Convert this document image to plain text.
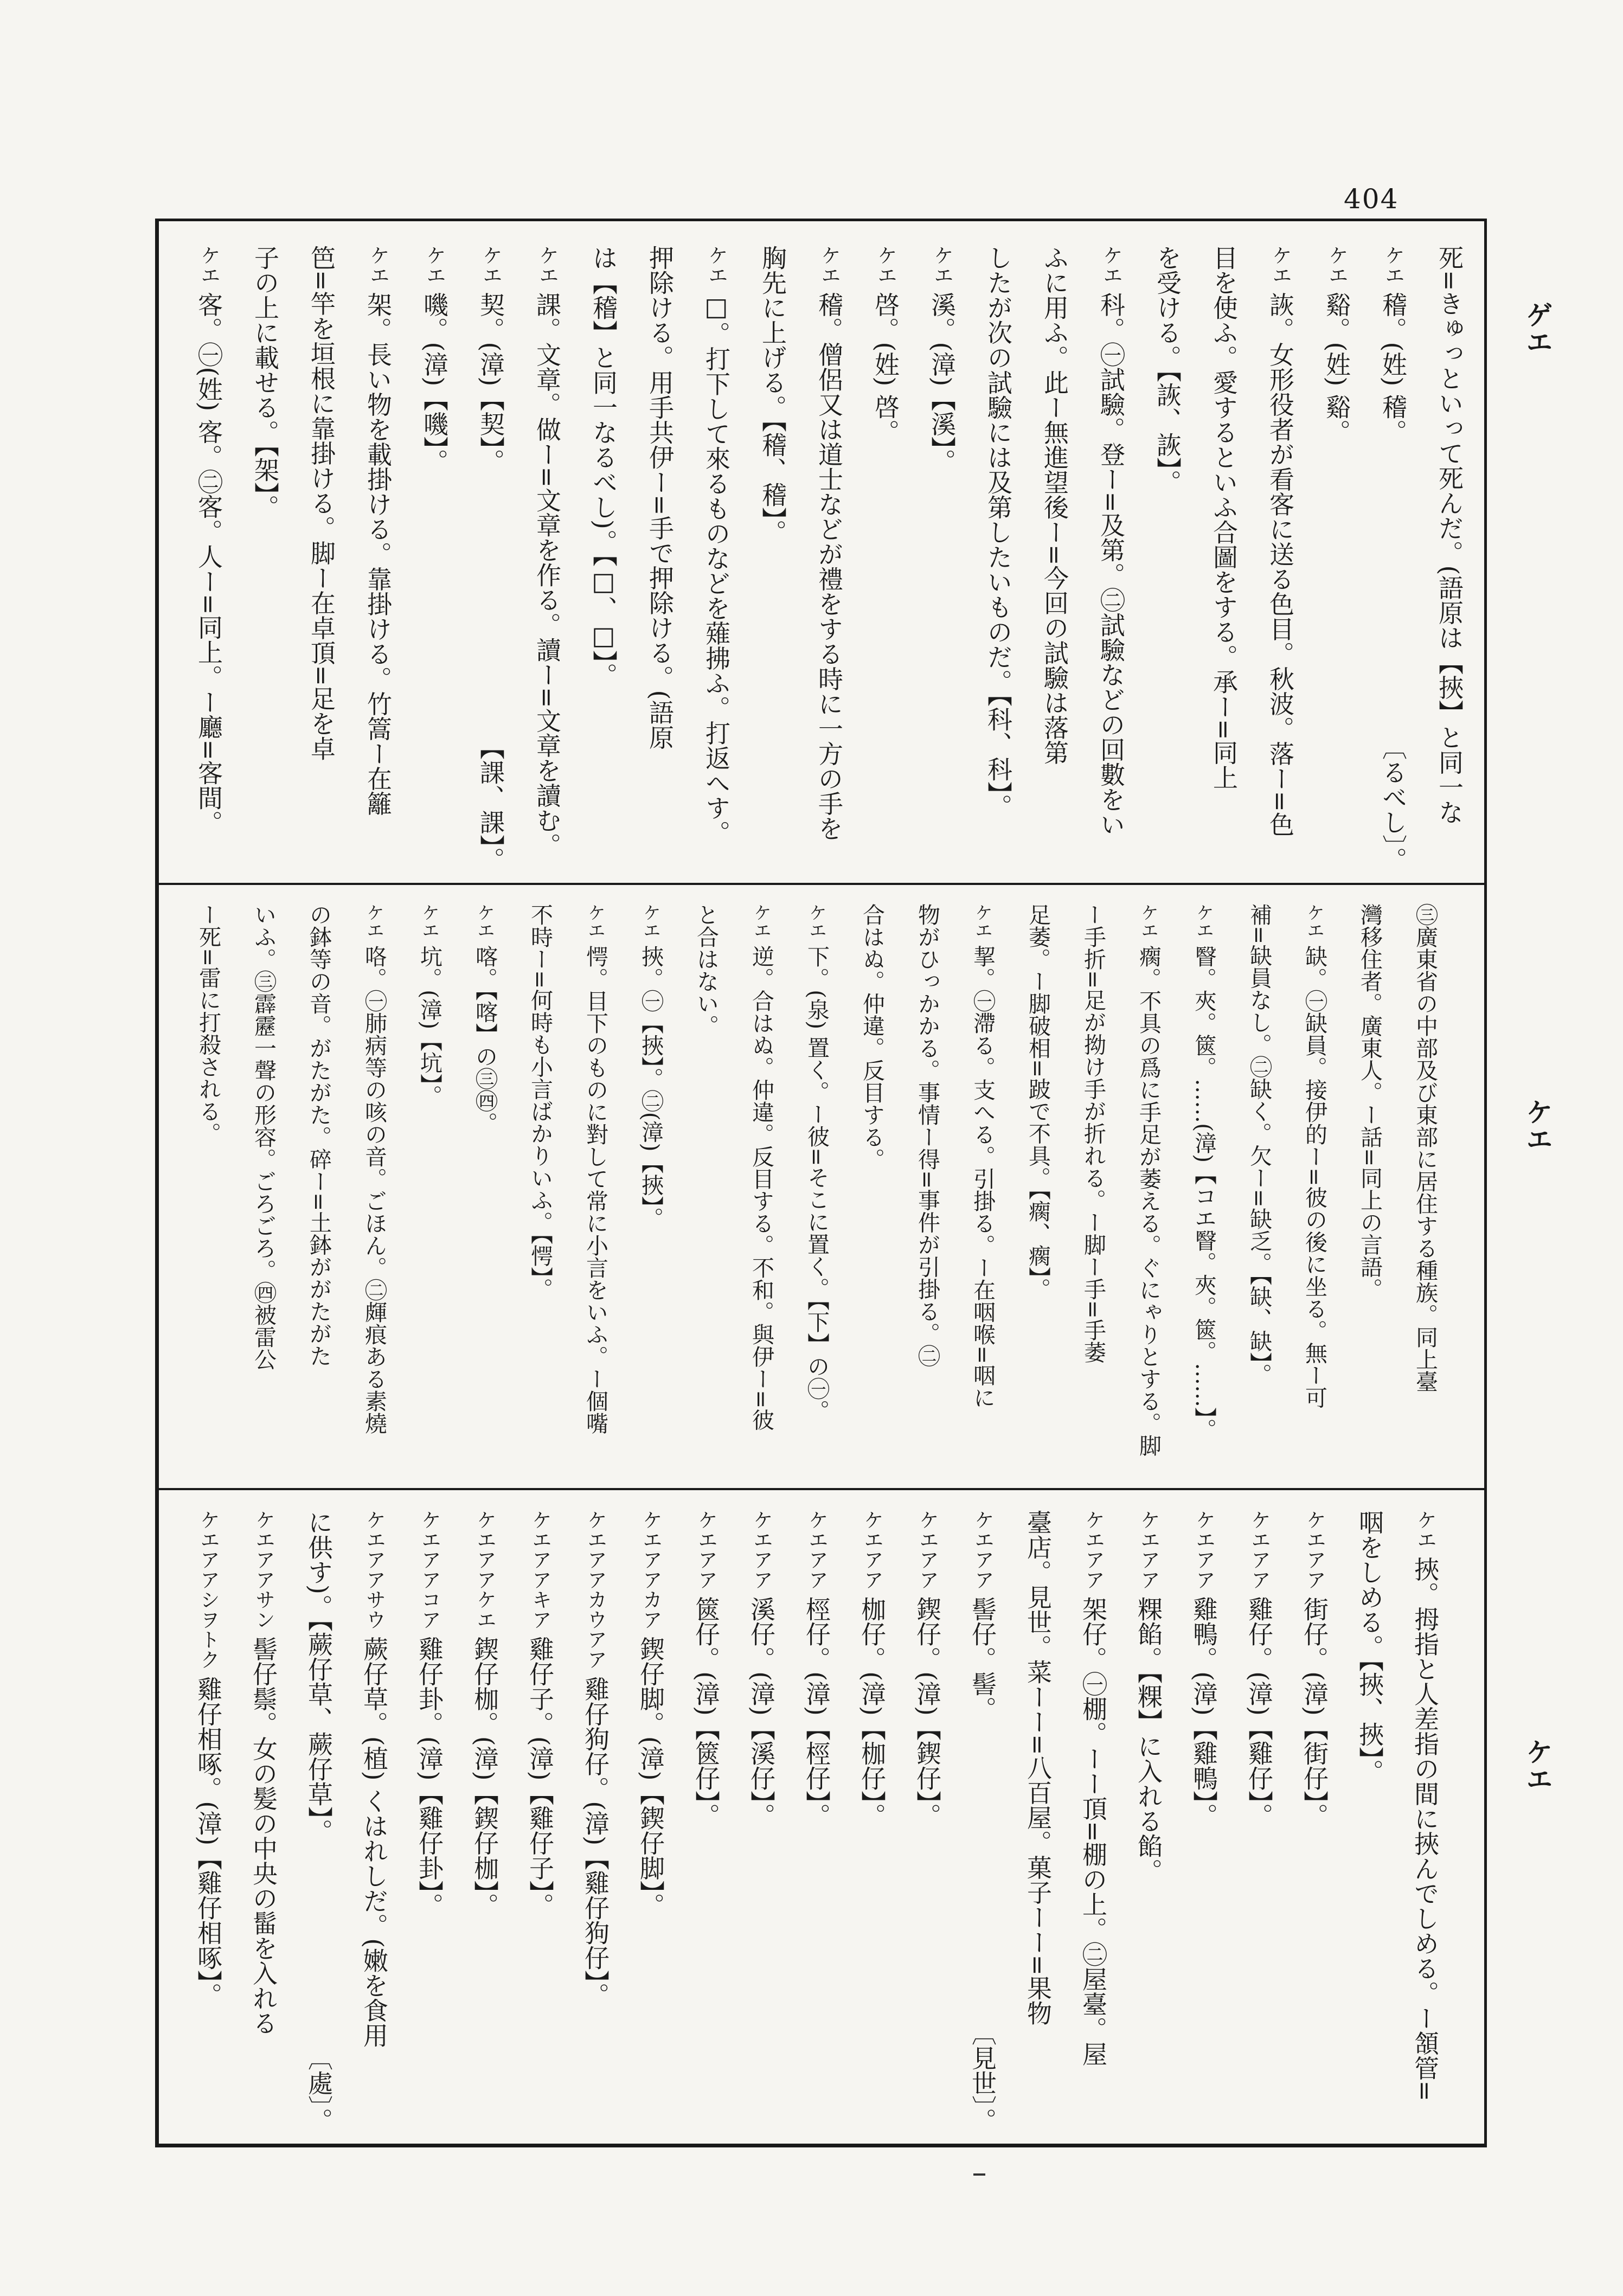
404
ゲエ
ケエ
ケエ
死=きゅっといって死んだ。(語原は【挾】と同一な
ケエ稽。(姓) 稽。
〔るべし〕。
ケエ谿。(姓) 谿。
ケエ詼。女形役者が看客に送る色目。秋波。落ー=色
目を使ふ。愛するといふ合圖をする。承ー=同上
を受ける。【詼、詼】。
ケエ科。㊀試驗。登ー=及第。㊁試驗などの回數をい
ふに用ふ。此ー無進望後ー=今回の試驗は落第
したが次の試驗には及第したいものだ。【科、科】。
ケエ溪。(漳)【溪】。
ケエ啓。(姓) 啓。
ケエ稽。僧侶又は道士などが禮をする時に一方の手を
胸先に上げる。【稽、稽】。
ケエ□。打下して來るものなどを薙拂ふ。打返へす。
押除ける。用手共伊ー=手で押除ける。(語原
は【稽】と同一なるべし)。【□、□】。
ケエ課。文章。做ー=文章を作る。讀ー=文章を讀む。
ケエ契。(漳)【契】。
【課、課】。
ケエ嘰。(漳)【嘰】。
ケエ架。長い物を載掛ける。靠掛ける。竹篙ー在籬
笆=竿を垣根に靠掛ける。脚ー在卓頂=足を卓
子の上に載せる。【架】。
ケエ客。㊀(姓) 客。㊁客。人ー=同上。ー廳=客間。
㊂廣東省の中部及び東部に居住する種族。同上臺
灣移住者。廣東人。ー話=同上の言語。
ケエ缺。㊀缺員。接伊的ー=彼の後に坐る。無ー可
補=缺員なし。㊁缺く。欠ー=缺乏。【缺、缺】。
ケエ瞖。夾。篋。……(漳)【コエ瞖。夾。篋。……】。
ケエ瘸。不具の爲に手足が萎える。ぐにゃりとする。脚
ー手折=足が拗け手が折れる。ー脚ー手=手萎
足萎。ー脚破相=跛で不具。【瘸、瘸】。
ケエ挈。㊀滯る。支へる。引掛る。ー在咽喉=咽に
物がひっかかる。事情ー得=事件が引掛る。㊁
合はぬ。仲違。反目する。
ケエ下。(泉) 置く。ー彼=そこに置く。【下】の㊀。
ケエ逆。合はぬ。仲違。反目する。不和。與伊ー=彼
と合はない。
ケエ挾。㊀【挾】。㊁(漳)【挾】。
ケエ愕。目下のものに對して常に小言をいふ。ー個嘴
不時ー=何時も小言ばかりいふ。【愕】。
ケエ喀。【喀】の㊂㊃。
ケエ坑。(漳)【坑】。
ケエ咯。㊀肺病等の咳の音。ごほん。㊁皹痕ある素燒
の鉢等の音。がたがた。碎ー=土鉢ががたがた
いふ。㊂霹靂一聲の形容。ごろごろ。㊃被雷公
ー死=雷に打殺される。
ケエ挾。拇指と人差指の間に挾んでしめる。ー頷管=
咽をしめる。【挾、挾】。
ケエアア街仔。(漳)【街仔】。
ケエアア雞仔。(漳)【雞仔】。
ケエアア雞鴨。(漳)【雞鴨】。
ケエアア粿餡。【粿】に入れる餡。
ケエアア架仔。㊀棚。ーー頂=棚の上。㊁屋臺。屋
臺店。見世。菜ーー=八百屋。菓子ーー=果物
ケエアア髻仔。髻。
〔見世〕。
ケエアア鍥仔。(漳)【鍥仔】。
ケエアア枷仔。(漳)【枷仔】。
ケエアア桱仔。(漳)【桱仔】。
ケエアア溪仔。(漳)【溪仔】。
ケエアア篋仔。(漳)【篋仔】。
ケエアアカア鍥仔脚。(漳)【鍥仔脚】。
ケエアアカウアア雞仔狗仔。(漳)【雞仔狗仔】。
ケエアアキア雞仔子。(漳)【雞仔子】。
ケエアアケエ鍥仔枷。(漳)【鍥仔枷】。
ケエアアコア雞仔卦。(漳)【雞仔卦】。
ケエアアサウ蕨仔草。(植) くはれしだ。(嫩を食用
に供す)。【蕨仔草、蕨仔草】。
〔處〕。
ケエアアサン髻仔鬃。女の髪の中央の髷を入れる
ケエアアシヲトク雞仔相啄。(漳)【雞仔相啄】。
